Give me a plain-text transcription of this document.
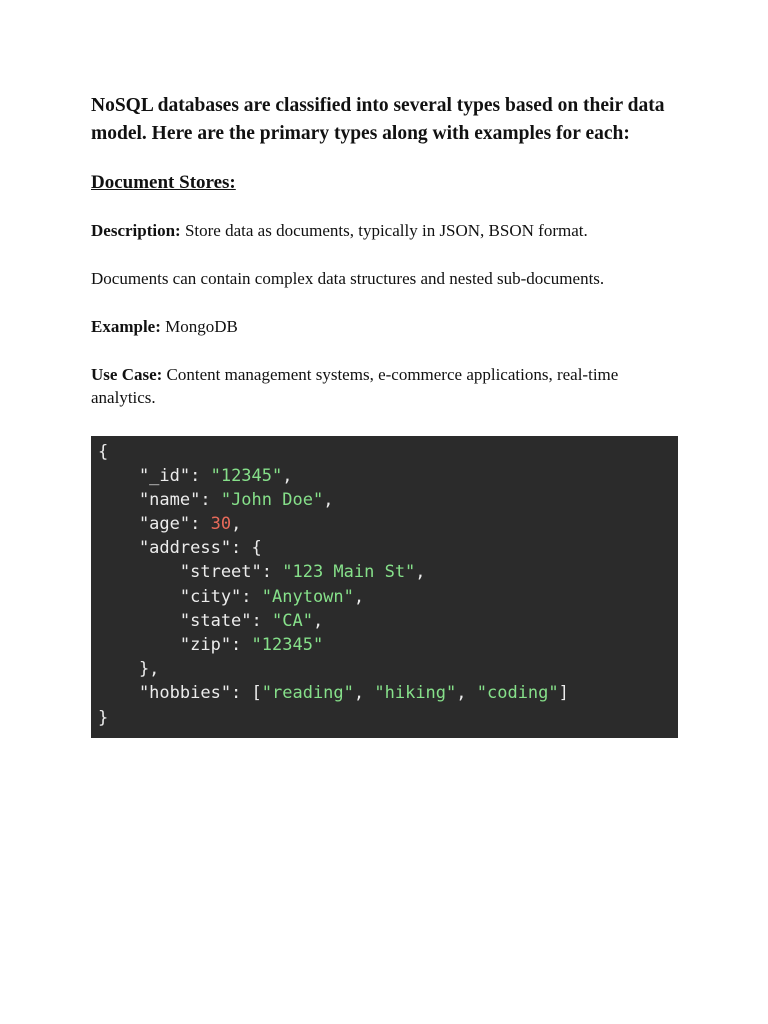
NoSQL databases are classified into several types based on their data model. Here are the primary types along with examples for each:

Document Stores:

Description: Store data as documents, typically in JSON, BSON format.

Documents can contain complex data structures and nested sub-documents.

Example: MongoDB

Use Case: Content management systems, e-commerce applications, real-time analytics.

{
"_id": "12345",
"name": "John Doe",
"age": 30,
"address": {
"street": "123 Main St",
"city": "Anytown",
"state": "CA",
"zip": "12345"
},
"hobbies": ["reading", "hiking", "coding"]
}
